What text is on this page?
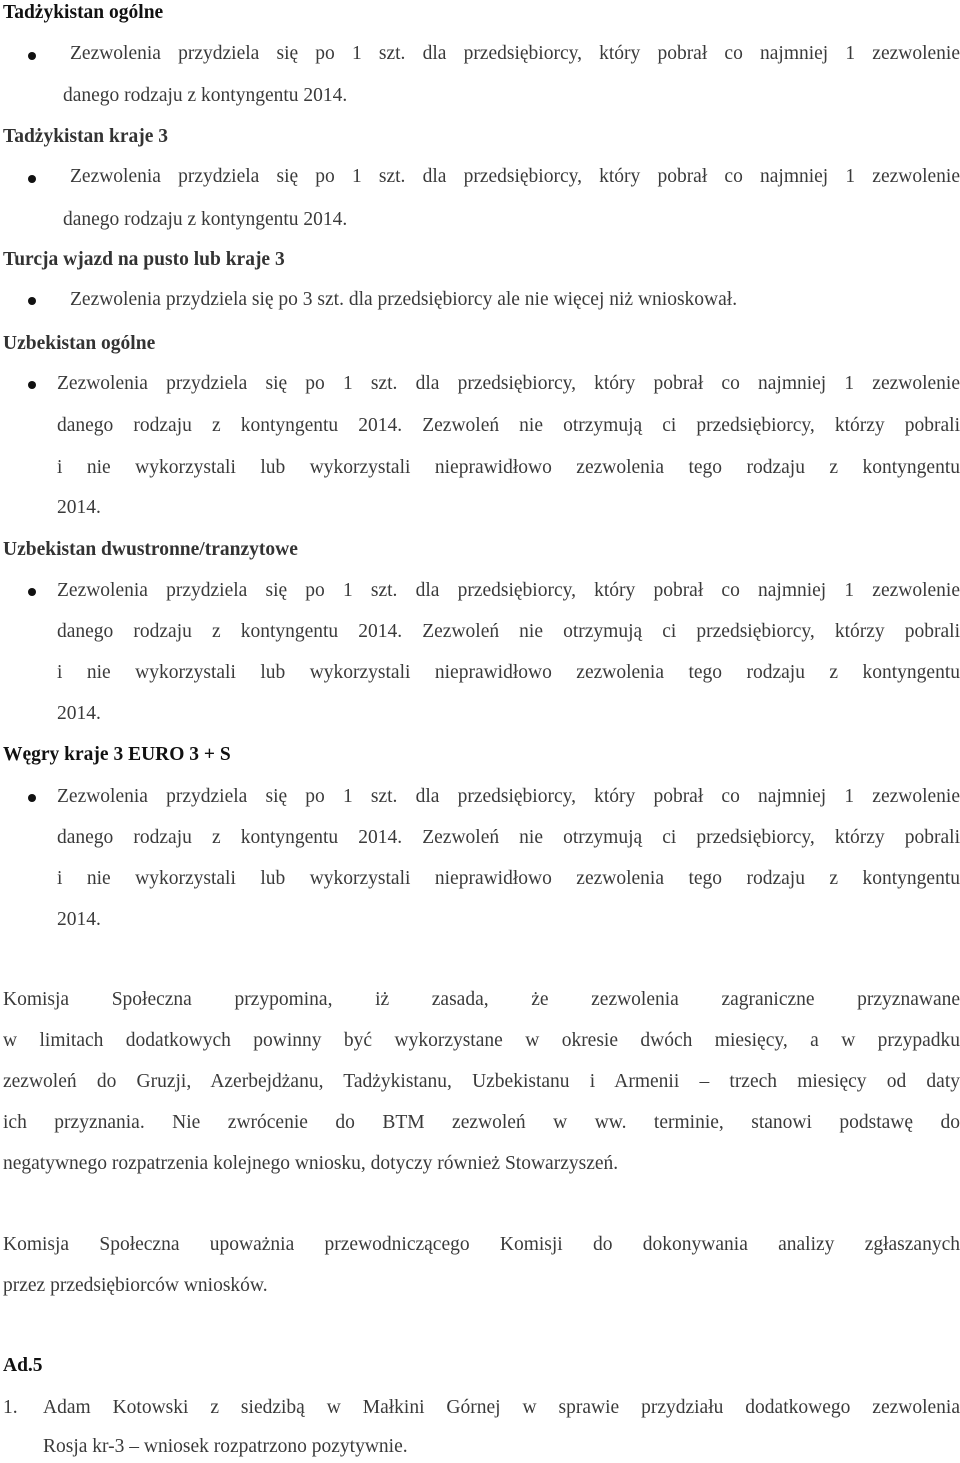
Tadżykistan ogólne
Zezwolenia przydziela się po 1 szt. dla przedsiębiorcy, który pobrał co najmniej 1 zezwolenie
danego rodzaju z kontyngentu 2014.
Tadżykistan kraje 3
Zezwolenia przydziela się po 1 szt. dla przedsiębiorcy, który pobrał co najmniej 1 zezwolenie
danego rodzaju z kontyngentu 2014.
Turcja wjazd na pusto lub kraje 3
Zezwolenia przydziela się po 3 szt. dla przedsiębiorcy ale nie więcej niż wnioskował.
Uzbekistan ogólne
Zezwolenia przydziela się po 1 szt. dla przedsiębiorcy, który pobrał co najmniej 1 zezwolenie
danego rodzaju z kontyngentu 2014. Zezwoleń nie otrzymują ci przedsiębiorcy, którzy pobrali
i nie wykorzystali lub wykorzystali nieprawidłowo zezwolenia tego rodzaju z kontyngentu
2014.
Uzbekistan dwustronne/tranzytowe
Zezwolenia przydziela się po 1 szt. dla przedsiębiorcy, który pobrał co najmniej 1 zezwolenie
danego rodzaju z kontyngentu 2014. Zezwoleń nie otrzymują ci przedsiębiorcy, którzy pobrali
i nie wykorzystali lub wykorzystali nieprawidłowo zezwolenia tego rodzaju z kontyngentu
2014.
Węgry kraje 3 EURO 3 + S
Zezwolenia przydziela się po 1 szt. dla przedsiębiorcy, który pobrał co najmniej 1 zezwolenie
danego rodzaju z kontyngentu 2014. Zezwoleń nie otrzymują ci przedsiębiorcy, którzy pobrali
i nie wykorzystali lub wykorzystali nieprawidłowo zezwolenia tego rodzaju z kontyngentu
2014.
Komisja Społeczna przypomina, iż zasada, że zezwolenia zagraniczne przyznawane
w limitach dodatkowych powinny być wykorzystane w okresie dwóch miesięcy, a w przypadku
zezwoleń do Gruzji, Azerbejdżanu, Tadżykistanu, Uzbekistanu i Armenii – trzech miesięcy od daty
ich przyznania. Nie zwrócenie do BTM zezwoleń w ww. terminie, stanowi podstawę do
negatywnego rozpatrzenia kolejnego wniosku, dotyczy również Stowarzyszeń.
Komisja Społeczna upoważnia przewodniczącego Komisji do dokonywania analizy zgłaszanych
przez przedsiębiorców wniosków.
Ad.5
1. Adam Kotowski z siedzibą w Małkini Górnej w sprawie przydziału dodatkowego zezwolenia
Rosja kr-3 – wniosek rozpatrzono pozytywnie.
